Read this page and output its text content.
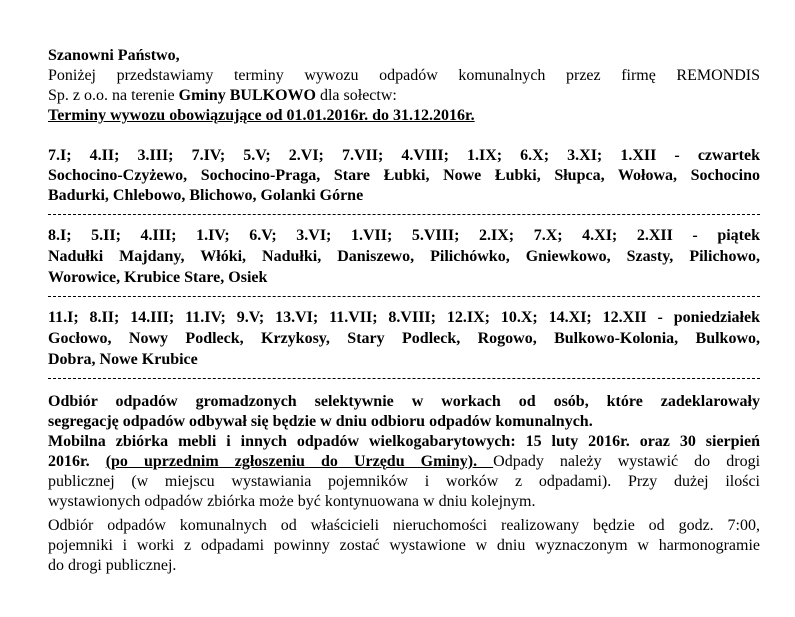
Szanowni Państwo,
Poniżej przedstawiamy terminy wywozu odpadów komunalnych przez firmę REMONDIS
Sp. z o.o. na terenie Gminy BULKOWO dla sołectw:
Terminy wywozu obowiązujące od 01.01.2016r. do 31.12.2016r.
7.I; 4.II; 3.III; 7.IV; 5.V; 2.VI; 7.VII; 4.VIII; 1.IX; 6.X; 3.XI; 1.XII - czwartek
Sochocino-Czyżewo, Sochocino-Praga, Stare Łubki, Nowe Łubki, Słupca, Wołowa, Sochocino
Badurki, Chlebowo, Blichowo, Golanki Górne
8.I; 5.II; 4.III; 1.IV; 6.V; 3.VI; 1.VII; 5.VIII; 2.IX; 7.X; 4.XI; 2.XII - piątek
Nadułki Majdany, Włóki, Nadułki, Daniszewo, Pilichówko, Gniewkowo, Szasty, Pilichowo,
Worowice, Krubice Stare, Osiek
11.I; 8.II; 14.III; 11.IV; 9.V; 13.VI; 11.VII; 8.VIII; 12.IX; 10.X; 14.XI; 12.XII - poniedziałek
Gocłowo, Nowy Podleck, Krzykosy, Stary Podleck, Rogowo, Bulkowo-Kolonia, Bulkowo,
Dobra, Nowe Krubice
Odbiór odpadów gromadzonych selektywnie w workach od osób, które zadeklarowały
segregację odpadów odbywał się będzie w dniu odbioru odpadów komunalnych.
Mobilna zbiórka mebli i innych odpadów wielkogabarytowych: 15 luty 2016r. oraz 30 sierpień
2016r. (po uprzednim zgłoszeniu do Urzędu Gminy). Odpady należy wystawić do drogi
publicznej (w miejscu wystawiania pojemników i worków z odpadami). Przy dużej ilości
wystawionych odpadów zbiórka może być kontynuowana w dniu kolejnym.
Odbiór odpadów komunalnych od właścicieli nieruchomości realizowany będzie od godz. 7:00,
pojemniki i worki z odpadami powinny zostać wystawione w dniu wyznaczonym w harmonogramie
do drogi publicznej.
